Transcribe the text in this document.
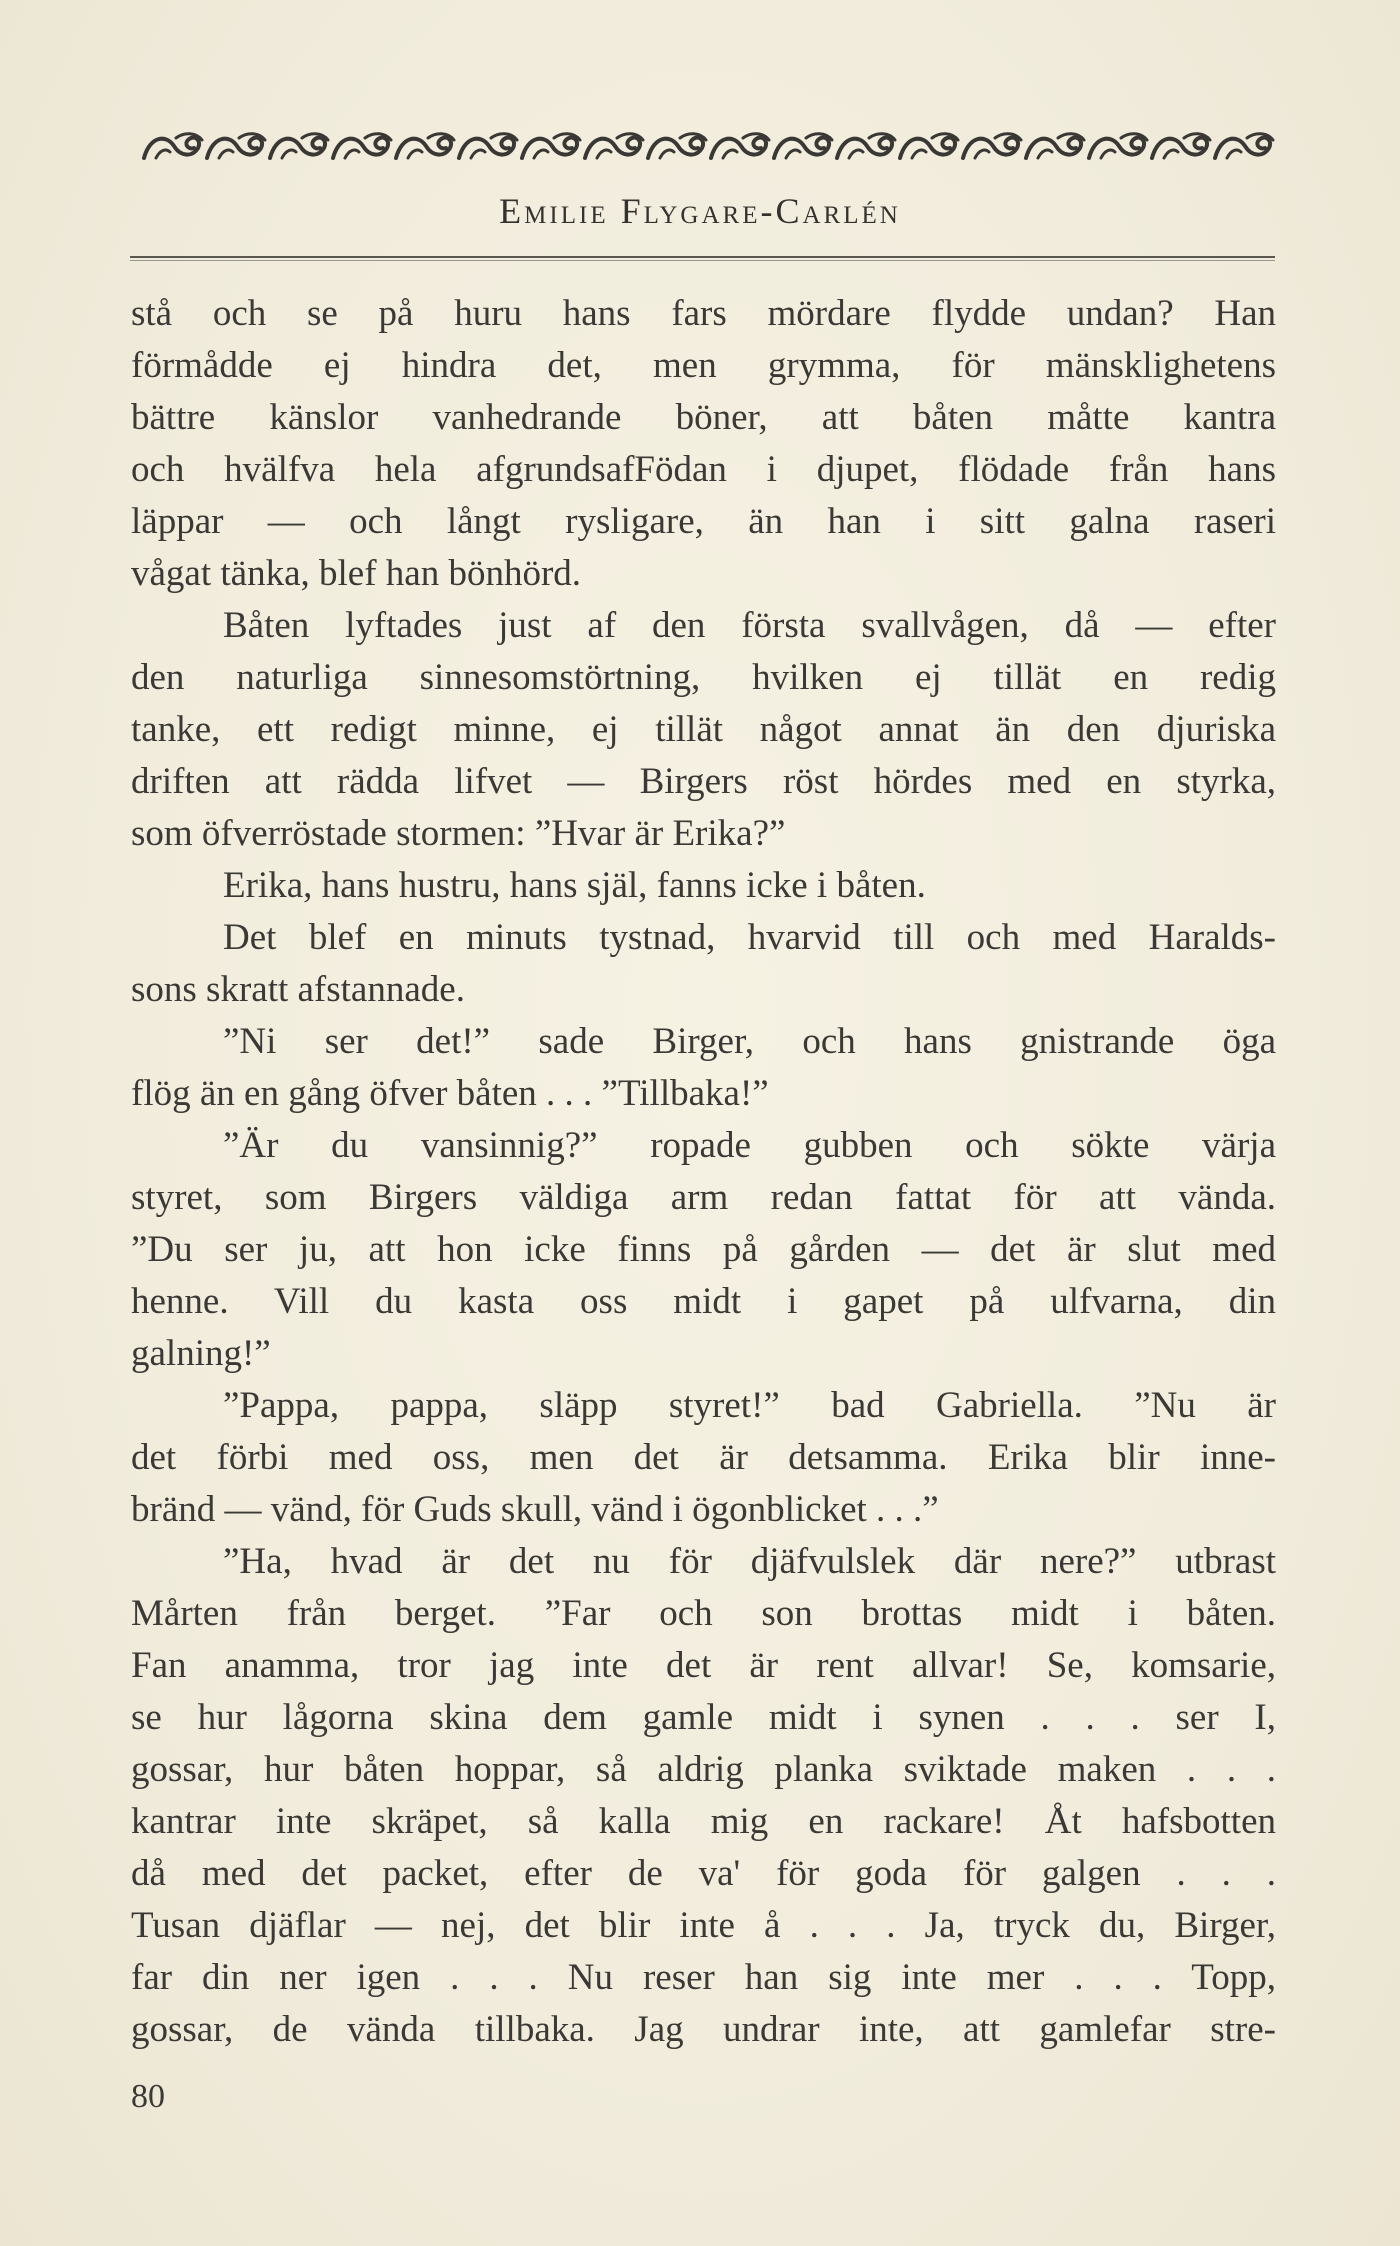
Emilie Flygare-Carlén
stå och se på huru hans fars mördare flydde undan? Han
förmådde ej hindra det, men grymma, för mänsklighetens
bättre känslor vanhedrande böner, att båten måtte kantra
och hvälfva hela afgrundsafFödan i djupet, flödade från hans
läppar — och långt rysligare, än han i sitt galna raseri
vågat tänka, blef han bönhörd.
Båten lyftades just af den första svallvågen, då — efter
den naturliga sinnesomstörtning, hvilken ej tillät en redig
tanke, ett redigt minne, ej tillät något annat än den djuriska
driften att rädda lifvet — Birgers röst hördes med en styrka,
som öfverröstade stormen: ”Hvar är Erika?”
Erika, hans hustru, hans själ, fanns icke i båten.
Det blef en minuts tystnad, hvarvid till och med Haralds-
sons skratt afstannade.
”Ni ser det!” sade Birger, och hans gnistrande öga
flög än en gång öfver båten . . . ”Tillbaka!”
”Är du vansinnig?” ropade gubben och sökte värja
styret, som Birgers väldiga arm redan fattat för att vända.
”Du ser ju, att hon icke finns på gården — det är slut med
henne. Vill du kasta oss midt i gapet på ulfvarna, din
galning!”
”Pappa, pappa, släpp styret!” bad Gabriella. ”Nu är
det förbi med oss, men det är detsamma. Erika blir inne-
bränd — vänd, för Guds skull, vänd i ögonblicket . . .”
”Ha, hvad är det nu för djäfvulslek där nere?” utbrast
Mårten från berget. ”Far och son brottas midt i båten.
Fan anamma, tror jag inte det är rent allvar! Se, komsarie,
se hur lågorna skina dem gamle midt i synen . . . ser I,
gossar, hur båten hoppar, så aldrig planka sviktade maken . . .
kantrar inte skräpet, så kalla mig en rackare! Åt hafsbotten
då med det packet, efter de va' för goda för galgen . . .
Tusan djäflar — nej, det blir inte å . . . Ja, tryck du, Birger,
far din ner igen . . . Nu reser han sig inte mer . . . Topp,
gossar, de vända tillbaka. Jag undrar inte, att gamlefar stre-
80
